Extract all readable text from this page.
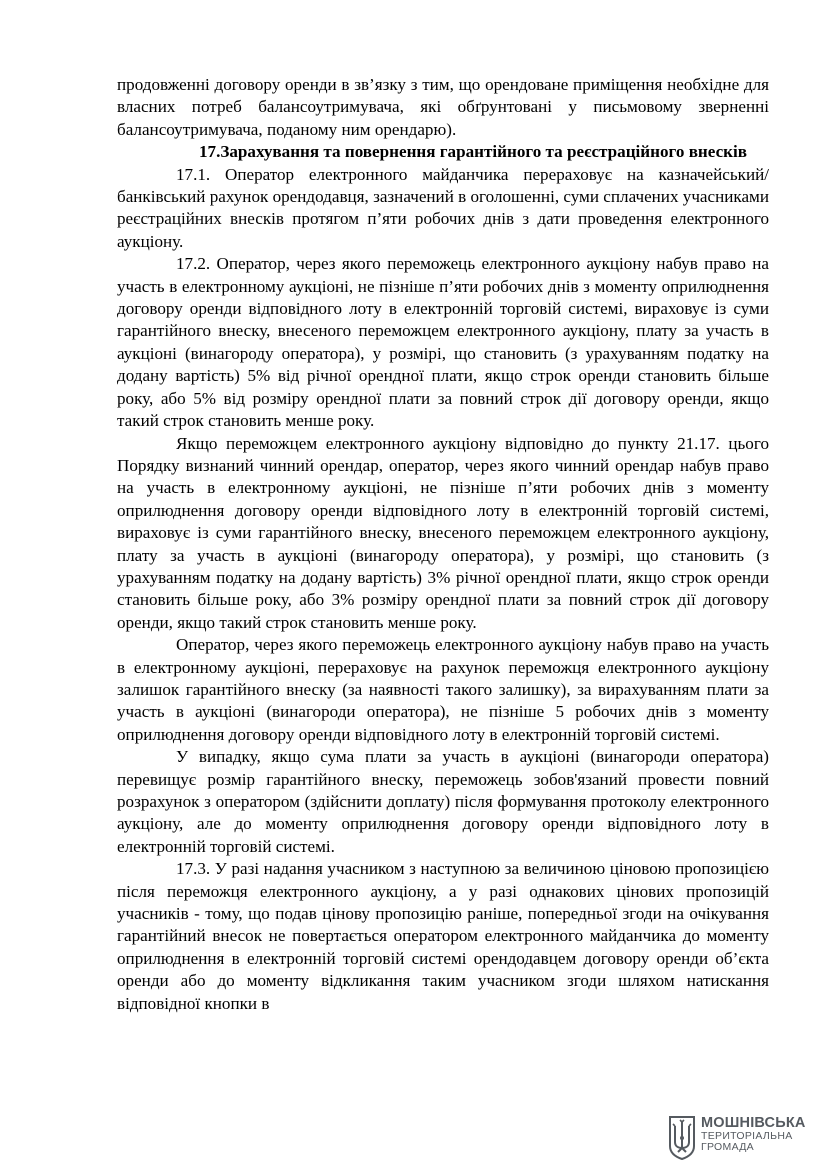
продовженні договору оренди в зв’язку з тим, що орендоване приміщення необхідне для власних потреб балансоутримувача, які обґрунтовані у письмовому зверненні балансоутримувача, поданому ним орендарю).

17.Зарахування та повернення гарантійного та реєстраційного внесків

17.1. Оператор електронного майданчика перераховує на казначейський/банківський рахунок орендодавця, зазначений в оголошенні, суми сплачених учасниками реєстраційних внесків протягом п’яти робочих днів з дати проведення електронного аукціону.

17.2. Оператор, через якого переможець електронного аукціону набув право на участь в електронному аукціоні, не пізніше п’яти робочих днів з моменту оприлюднення договору оренди відповідного лоту в електронній торговій системі, вираховує із суми гарантійного внеску, внесеного переможцем електронного аукціону, плату за участь в аукціоні (винагороду оператора), у розмірі, що становить (з урахуванням податку на додану вартість) 5% від річної орендної плати, якщо строк оренди становить більше року, або 5% від розміру орендної плати за повний строк дії договору оренди, якщо такий строк становить менше року.

Якщо переможцем електронного аукціону відповідно до пункту 21.17. цього Порядку визнаний чинний орендар, оператор, через якого чинний орендар набув право на участь в електронному аукціоні, не пізніше п’яти робочих днів з моменту оприлюднення договору оренди відповідного лоту в електронній торговій системі, вираховує із суми гарантійного внеску, внесеного переможцем електронного аукціону, плату за участь в аукціоні (винагороду оператора), у розмірі, що становить (з урахуванням податку на додану вартість) 3% річної орендної плати, якщо строк оренди становить більше року, або 3% розміру орендної плати за повний строк дії договору оренди, якщо такий строк становить менше року.

Оператор, через якого переможець електронного аукціону набув право на участь в електронному аукціоні, перераховує на рахунок переможця електронного аукціону залишок гарантійного внеску (за наявності такого залишку), за вирахуванням плати за участь в аукціоні (винагороди оператора), не пізніше 5 робочих днів з моменту оприлюднення договору оренди відповідного лоту в електронній торговій системі.

У випадку, якщо сума плати за участь в аукціоні (винагороди оператора) перевищує розмір гарантійного внеску, переможець зобов'язаний провести повний розрахунок з оператором (здійснити доплату) після формування протоколу електронного аукціону, але до моменту оприлюднення договору оренди відповідного лоту в електронній торговій системі.

17.3. У разі надання учасником з наступною за величиною ціновою пропозицією після переможця електронного аукціону, а у разі однакових цінових пропозицій учасників - тому, що подав цінову пропозицію раніше, попередньої згоди на очікування гарантійний внесок не повертається оператором електронного майданчика до моменту оприлюднення в електронній торговій системі орендодавцем договору оренди об’єкта оренди або до моменту відкликання таким учасником згоди шляхом натискання відповідної кнопки в

МОШНІВСЬКА
ТЕРИТОРІАЛЬНА
ГРОМАДА
